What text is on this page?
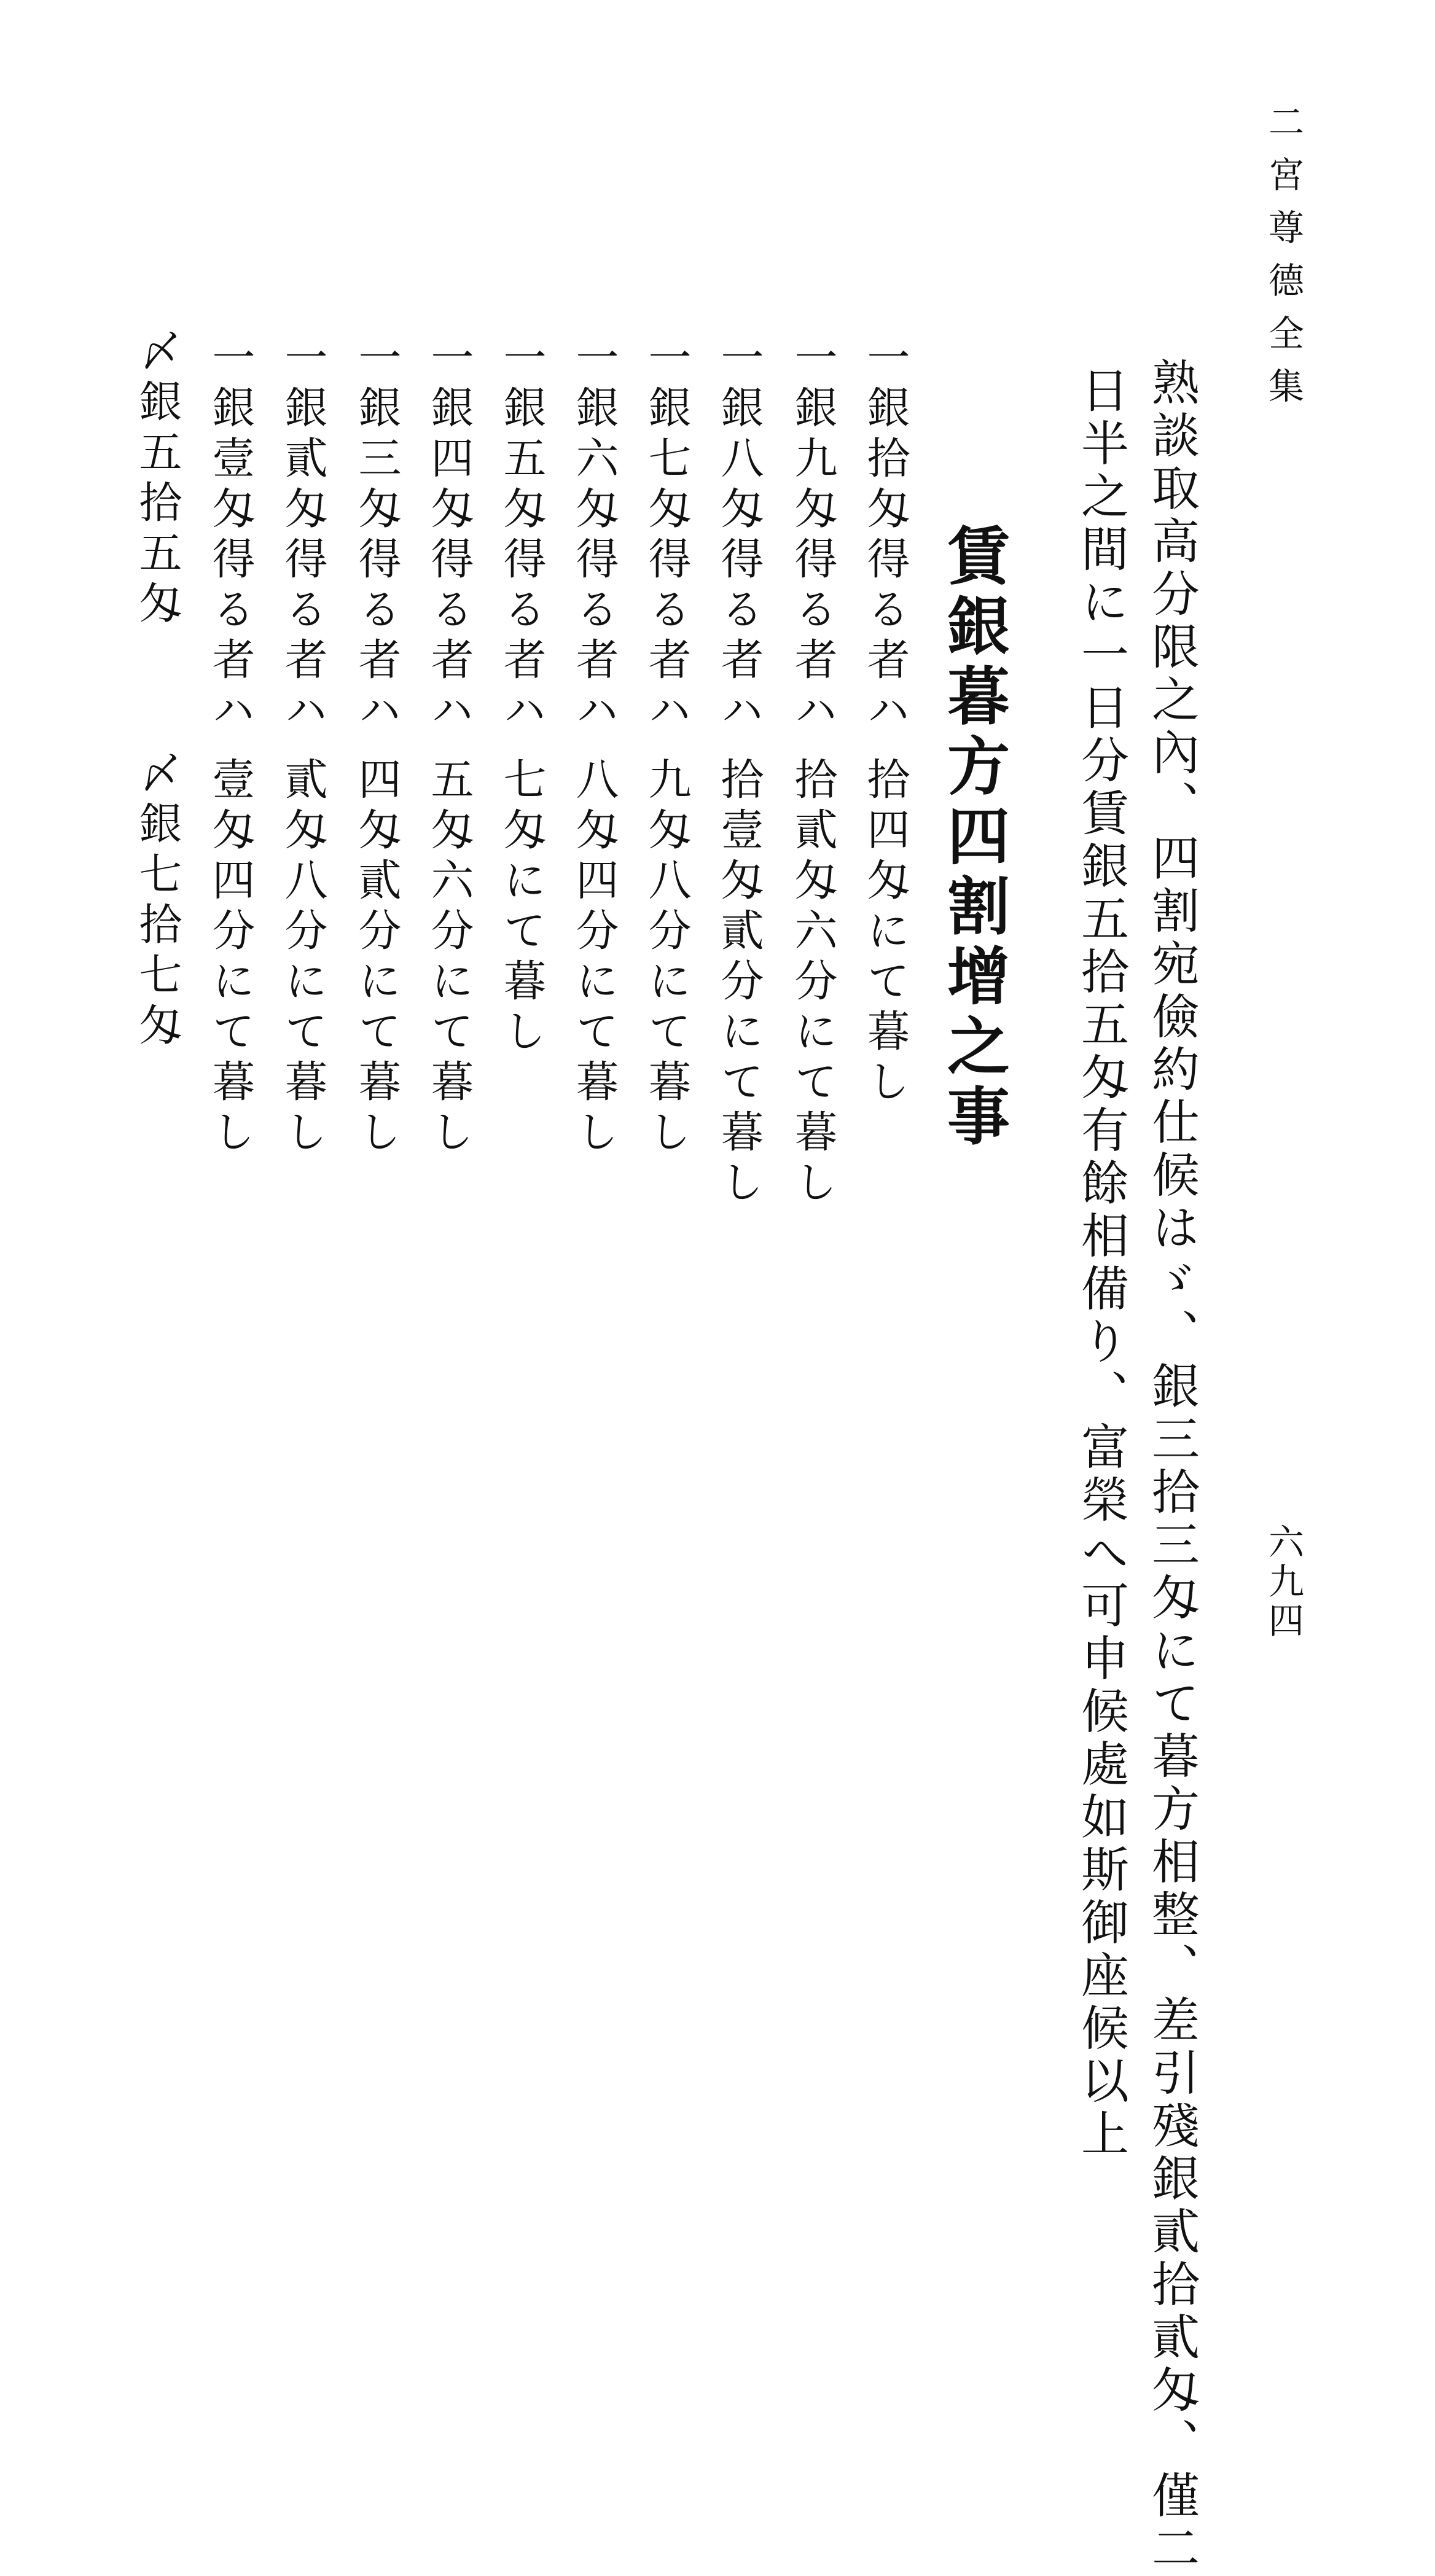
二宮尊德全集
六九四
熟談取高分限之內、四割宛儉約仕候はゞ、銀三拾三匁にて暮方相整、差引殘銀貳拾貳匁、僅二
日半之間に一日分賃銀五拾五匁有餘相備り、富榮へ可申候處如斯御座候以上
賃銀暮方四割增之事
一銀拾匁得る者ハ
一銀九匁得る者ハ
一銀八匁得る者ハ
一銀七匁得る者ハ
一銀六匁得る者ハ
一銀五匁得る者ハ
一銀四匁得る者ハ
一銀三匁得る者ハ
一銀貳匁得る者ハ
一銀壹匁得る者ハ
〆銀五拾五匁
拾四匁にて暮し
拾貳匁六分にて暮し
拾壹匁貳分にて暮し
九匁八分にて暮し
八匁四分にて暮し
七匁にて暮し
五匁六分にて暮し
四匁貳分にて暮し
貳匁八分にて暮し
壹匁四分にて暮し
〆銀七拾七匁
